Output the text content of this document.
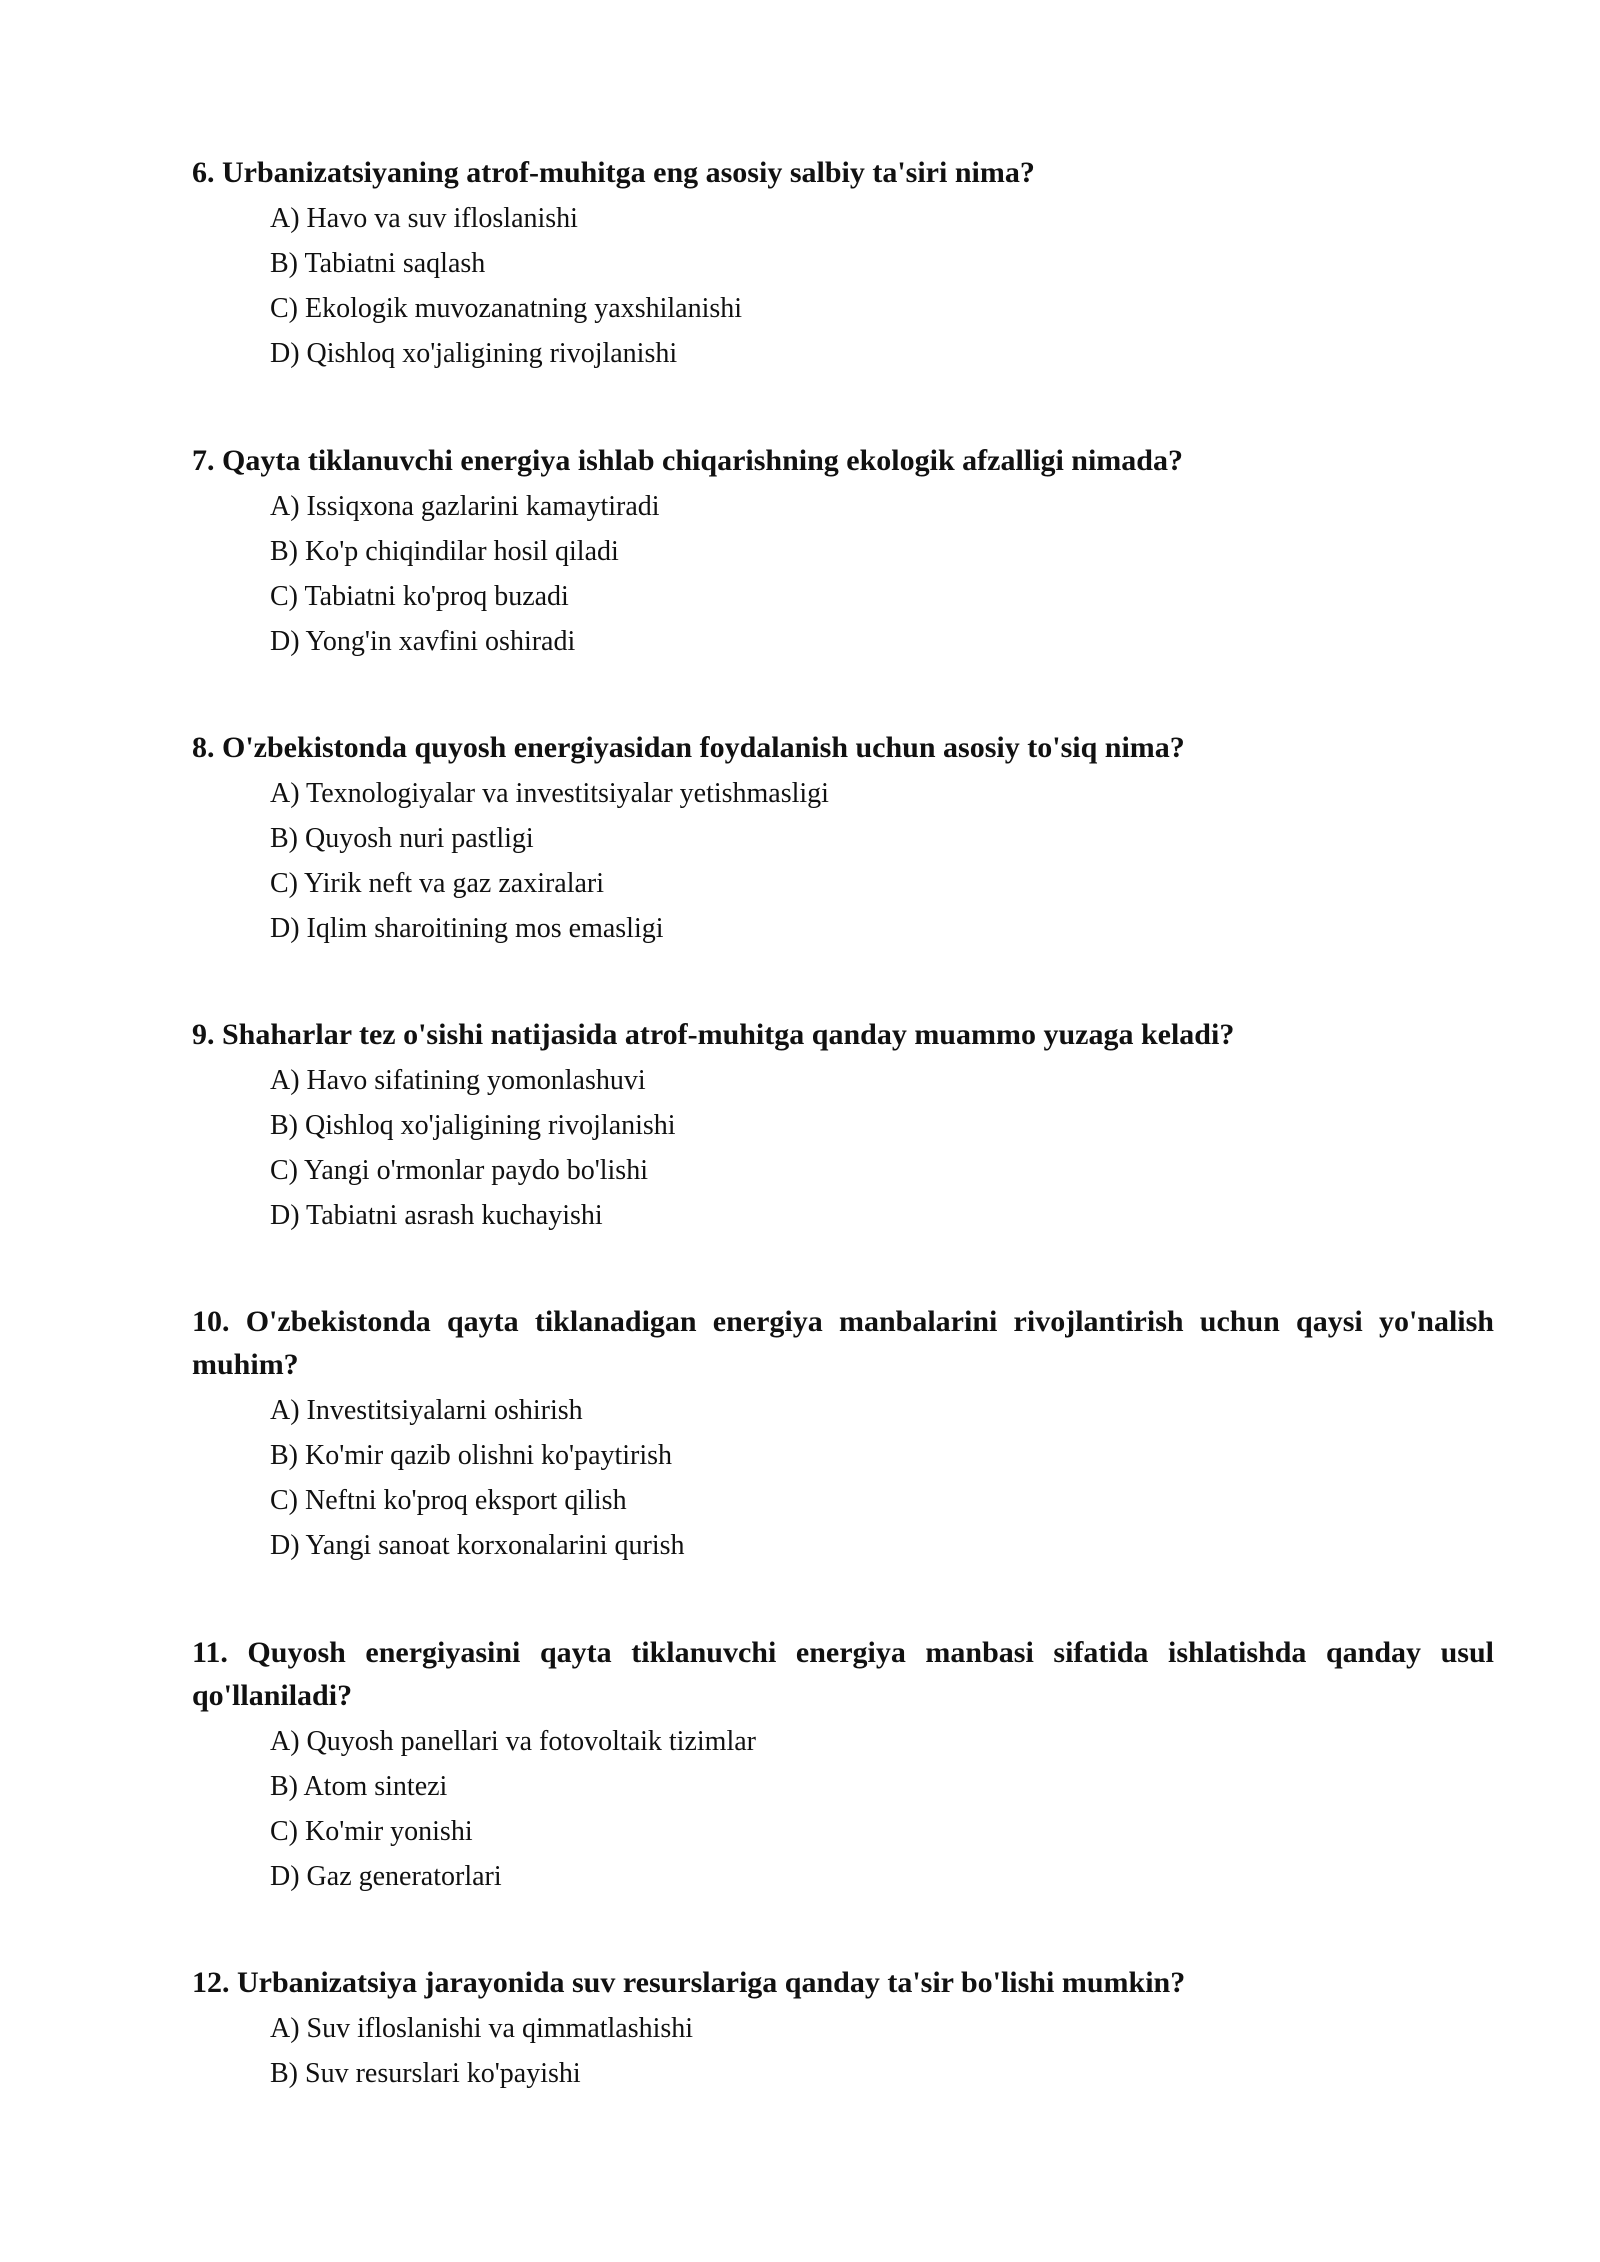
6. Urbanizatsiyaning atrof-muhitga eng asosiy salbiy ta'siri nima?

A) Havo va suv ifloslanishi
B) Tabiatni saqlash
C) Ekologik muvozanatning yaxshilanishi
D) Qishloq xo'jaligining rivojlanishi

7. Qayta tiklanuvchi energiya ishlab chiqarishning ekologik afzalligi nimada?

A) Issiqxona gazlarini kamaytiradi
B) Ko'p chiqindilar hosil qiladi
C) Tabiatni ko'proq buzadi
D) Yong'in xavfini oshiradi

8. O'zbekistonda quyosh energiyasidan foydalanish uchun asosiy to'siq nima?

A) Texnologiyalar va investitsiyalar yetishmasligi
B) Quyosh nuri pastligi
C) Yirik neft va gaz zaxiralari
D) Iqlim sharoitining mos emasligi

9. Shaharlar tez o'sishi natijasida atrof-muhitga qanday muammo yuzaga keladi?

A) Havo sifatining yomonlashuvi
B) Qishloq xo'jaligining rivojlanishi
C) Yangi o'rmonlar paydo bo'lishi
D) Tabiatni asrash kuchayishi

10. O'zbekistonda qayta tiklanadigan energiya manbalarini rivojlantirish uchun qaysi yo'nalish muhim?

A) Investitsiyalarni oshirish
B) Ko'mir qazib olishni ko'paytirish
C) Neftni ko'proq eksport qilish
D) Yangi sanoat korxonalarini qurish

11. Quyosh energiyasini qayta tiklanuvchi energiya manbasi sifatida ishlatishda qanday usul qo'llaniladi?

A) Quyosh panellari va fotovoltaik tizimlar
B) Atom sintezi
C) Ko'mir yonishi
D) Gaz generatorlari

12. Urbanizatsiya jarayonida suv resurslariga qanday ta'sir bo'lishi mumkin?

A) Suv ifloslanishi va qimmatlashishi
B) Suv resurslari ko'payishi
